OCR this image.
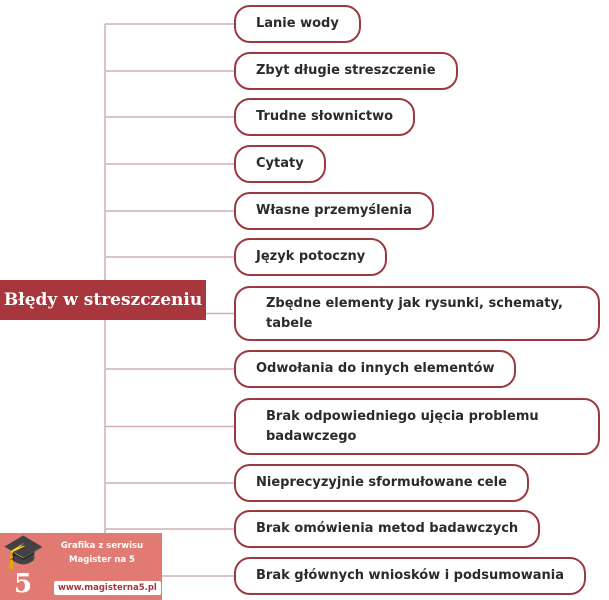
Błędy w streszczeniu
Lanie wody
Zbyt długie streszczenie
Trudne słownictwo
Cytaty
Własne przemyślenia
Język potoczny
Zbędne elementy jak rysunki, schematy, tabele
Odwołania do innych elementów
Brak odpowiedniego ujęcia problemu badawczego
Nieprecyzyjnie sformułowane cele
Brak omówienia metod badawczych
Brak głównych wniosków i podsumowania
🎓
5
Grafika z serwisu
Magister na 5
www.magisterna5.pl
